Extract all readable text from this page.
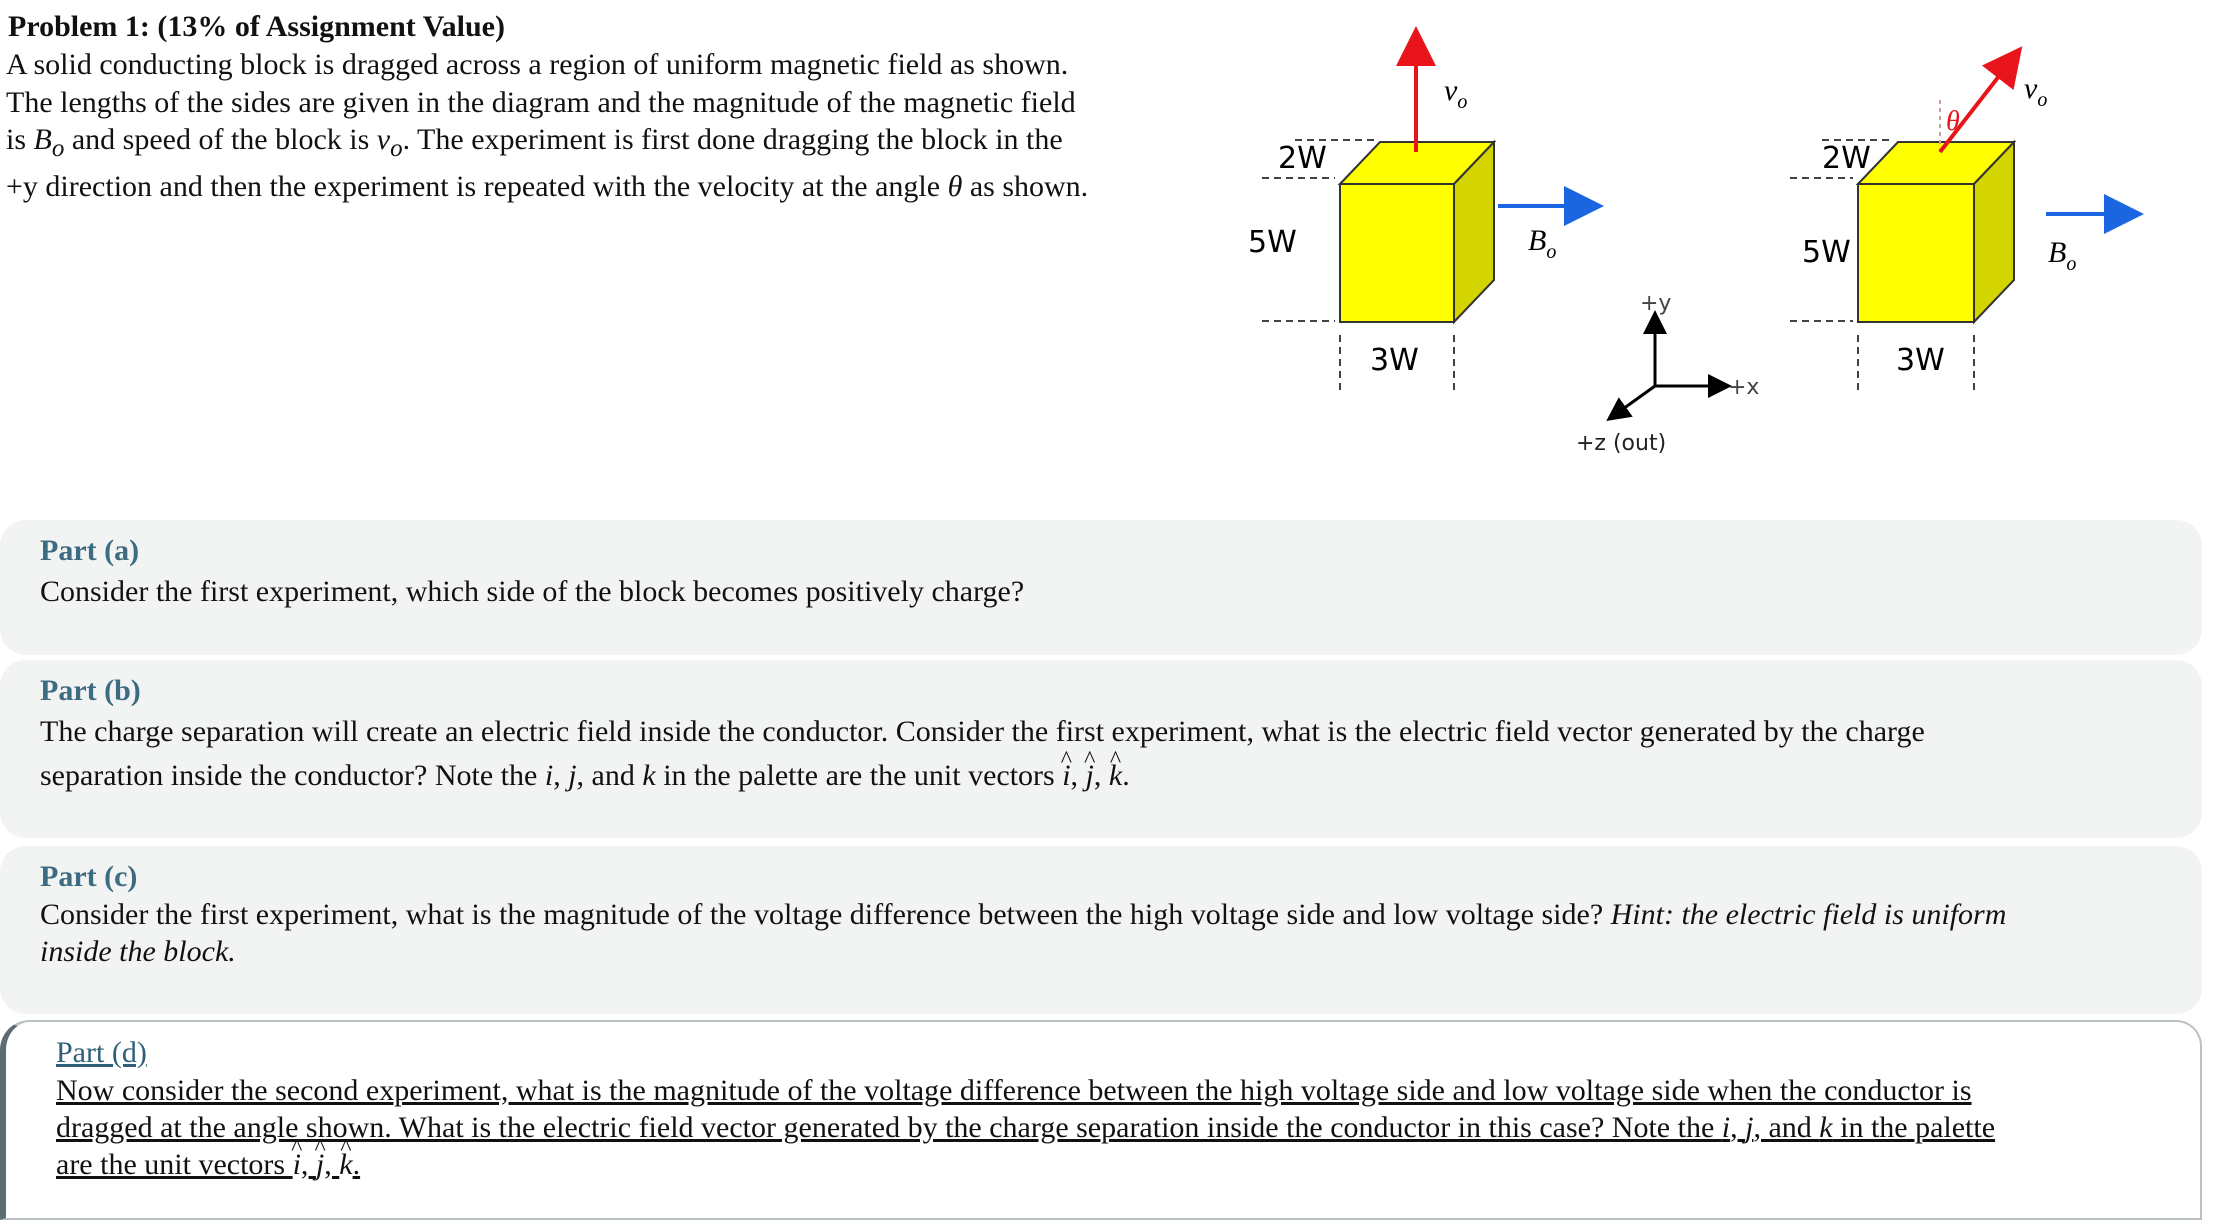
Problem 1: (13% of Assignment Value)

A solid conducting block is dragged across a region of uniform magnetic field as shown.
The lengths of the sides are given in the diagram and the magnitude of the magnetic field
is $B_o$ and speed of the block is $v_o$. The experiment is first done dragging the block in the
+y direction and then the experiment is repeated with the velocity at the angle θ as shown.

2W
5W
3W
$v_o$
$B_o$
+y
+x
+z (out)
2W
5W
3W
θ
$v_o$
$B_o$

Part (a)

Consider the first experiment, which side of the block becomes positively charge?

Part (b)

The charge separation will create an electric field inside the conductor. Consider the first experiment, what is the electric field vector generated by the charge
separation inside the conductor? Note the i, j, and k in the palette are the unit vectors ^ i, ^ j, ^ k.

Part (c)

Consider the first experiment, what is the magnitude of the voltage difference between the high voltage side and low voltage side? Hint: the electric field is uniform
inside the block.

Part (d)

Now consider the second experiment, what is the magnitude of the voltage difference between the high voltage side and low voltage side when the conductor is
dragged at the angle shown. What is the electric field vector generated by the charge separation inside the conductor in this case? Note the i, j, and k in the palette
are the unit vectors ^ i, ^ j, ^ k.
